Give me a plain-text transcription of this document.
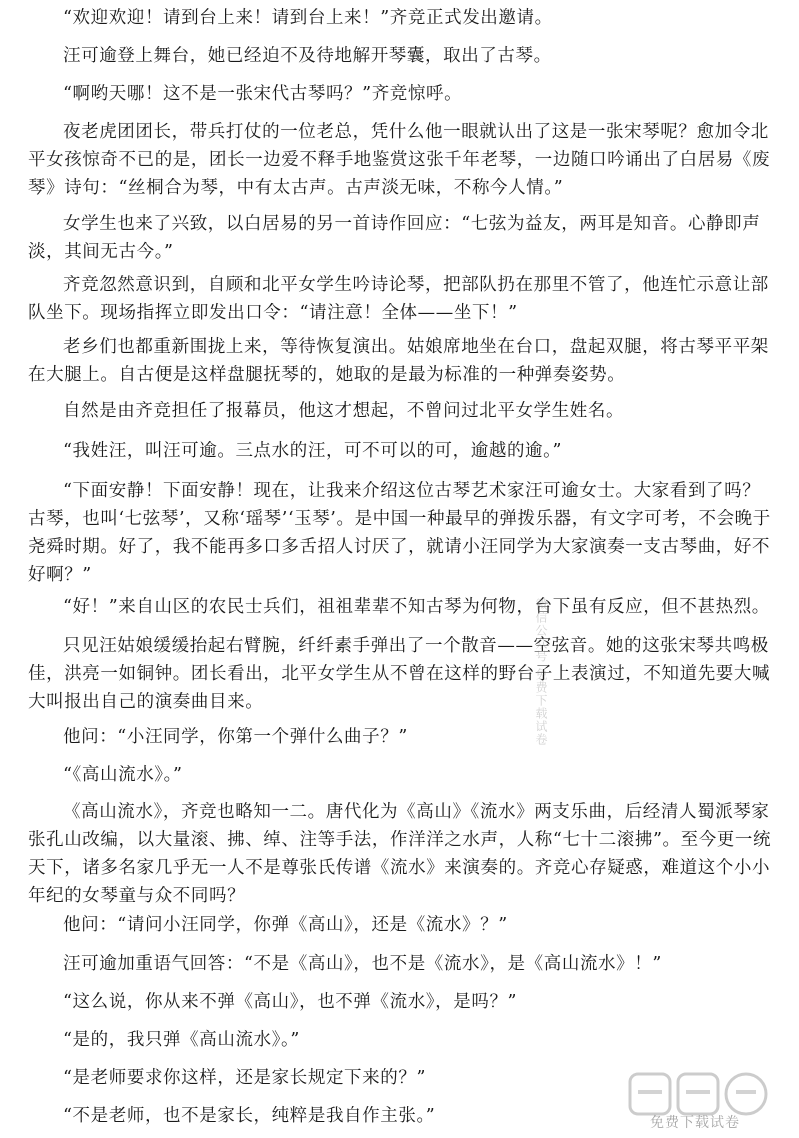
“欢迎欢迎！请到台上来！请到台上来！”齐竞正式发出邀请。

汪可逾登上舞台，她已经迫不及待地解开琴囊，取出了古琴。

“啊哟天哪！这不是一张宋代古琴吗？”齐竞惊呼。

夜老虎团团长，带兵打仗的一位老总，凭什么他一眼就认出了这是一张宋琴呢？愈加令北平女孩惊奇不已的是，团长一边爱不释手地鉴赏这张千年老琴，一边随口吟诵出了白居易《废琴》诗句：“丝桐合为琴，中有太古声。古声淡无味，不称今人情。”

女学生也来了兴致，以白居易的另一首诗作回应：“七弦为益友，两耳是知音。心静即声淡，其间无古今。”

齐竞忽然意识到，自顾和北平女学生吟诗论琴，把部队扔在那里不管了，他连忙示意让部队坐下。现场指挥立即发出口令：“请注意！全体——坐下！”

老乡们也都重新围拢上来，等待恢复演出。姑娘席地坐在台口，盘起双腿，将古琴平平架在大腿上。自古便是这样盘腿抚琴的，她取的是最为标准的一种弹奏姿势。

自然是由齐竞担任了报幕员，他这才想起，不曾问过北平女学生姓名。

“我姓汪，叫汪可逾。三点水的汪，可不可以的可，逾越的逾。”

“下面安静！下面安静！现在，让我来介绍这位古琴艺术家汪可逾女士。大家看到了吗？古琴，也叫‘七弦琴’，又称‘瑶琴’‘玉琴’。是中国一种最早的弹拨乐器，有文字可考，不会晚于尧舜时期。好了，我不能再多口多舌招人讨厌了，就请小汪同学为大家演奏一支古琴曲，好不好啊？”

“好！”来自山区的农民士兵们，祖祖辈辈不知古琴为何物，台下虽有反应，但不甚热烈。

只见汪姑娘缓缓抬起右臂腕，纤纤素手弹出了一个散音——空弦音。她的这张宋琴共鸣极佳，洪亮一如铜钟。团长看出，北平女学生从不曾在这样的野台子上表演过，不知道先要大喊大叫报出自己的演奏曲目来。

他问：“小汪同学，你第一个弹什么曲子？”

“《高山流水》。”

《高山流水》，齐竞也略知一二。唐代化为《高山》《流水》两支乐曲，后经清人蜀派琴家张孔山改编，以大量滚、拂、绰、注等手法，作洋洋之水声，人称“七十二滚拂”。至今更一统天下，诸多名家几乎无一人不是尊张氏传谱《流水》来演奏的。齐竞心存疑惑，难道这个小小年纪的女琴童与众不同吗？

他问：“请问小汪同学，你弹《高山》，还是《流水》？”

汪可逾加重语气回答：“不是《高山》，也不是《流水》，是《高山流水》！”

“这么说，你从来不弹《高山》，也不弹《流水》，是吗？”

“是的，我只弹《高山流水》。”

“是老师要求你这样，还是家长规定下来的？”

“不是老师，也不是家长，纯粹是我自作主张。”

微信公众号 免费下载试卷
免费下载试卷
